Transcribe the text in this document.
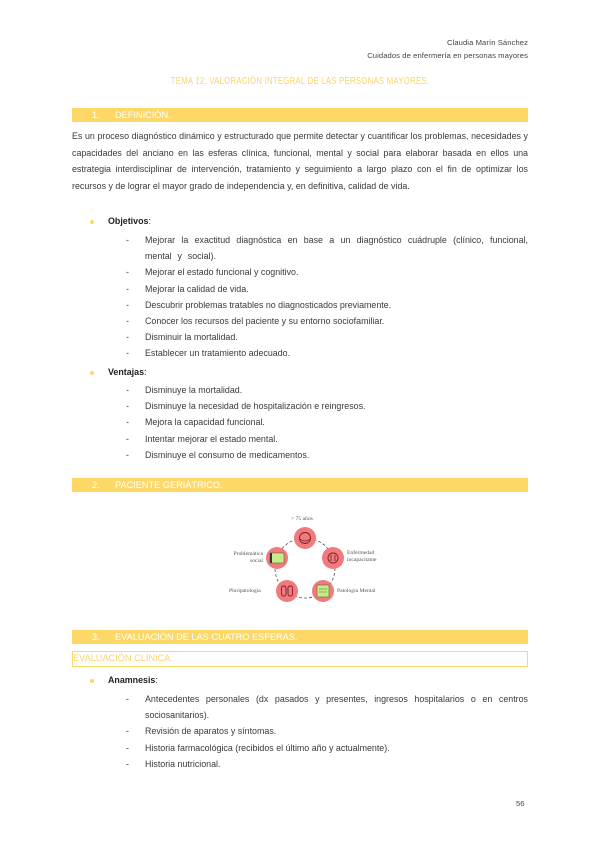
Claudia Marín Sánchez
Cuidados de enfermería en personas mayores
TEMA 12: VALORACIÓN INTEGRAL DE LAS PERSONAS MAYORES.
1. DEFINICIÓN.
Es un proceso diagnóstico dinámico y estructurado que permite detectar y cuantificar los problemas, necesidades y capacidades del anciano en las esferas clínica, funcional, mental y social para elaborar basada en ellos una estrategia interdisciplinar de intervención, tratamiento y seguimiento a largo plazo con el fin de optimizar los recursos y de lograr el mayor grado de independencia y, en definitiva, calidad de vida.
Objetivos:
- Mejorar la exactitud diagnóstica en base a un diagnóstico cuádruple (clínico, funcional, mental y social).
- Mejorar el estado funcional y cognitivo.
- Mejorar la calidad de vida.
- Descubrir problemas tratables no diagnosticados previamente.
- Conocer los recursos del paciente y su entorno sociofamiliar.
- Disminuir la mortalidad.
- Establecer un tratamiento adecuado.
Ventajas:
- Disminuye la mortalidad.
- Disminuye la necesidad de hospitalización e reingresos.
- Mejora la capacidad funcional.
- Intentar mejorar el estado mental.
- Disminuye el consumo de medicamentos.
2. PACIENTE GERIÁTRICO.
> 75 años
Enfermedad incapacitante
Patología Mental
Pluripatología
Problemática social
3. EVALUACIÓN DE LAS CUATRO ESFERAS.
EVALUACIÓN CLÍNICA.
Anamnesis:
- Antecedentes personales (dx pasados y presentes, ingresos hospitalarios o en centros sociosanitarios).
- Revisión de aparatos y síntomas.
- Historia farmacológica (recibidos el último año y actualmente).
- Historia nutricional.
56
